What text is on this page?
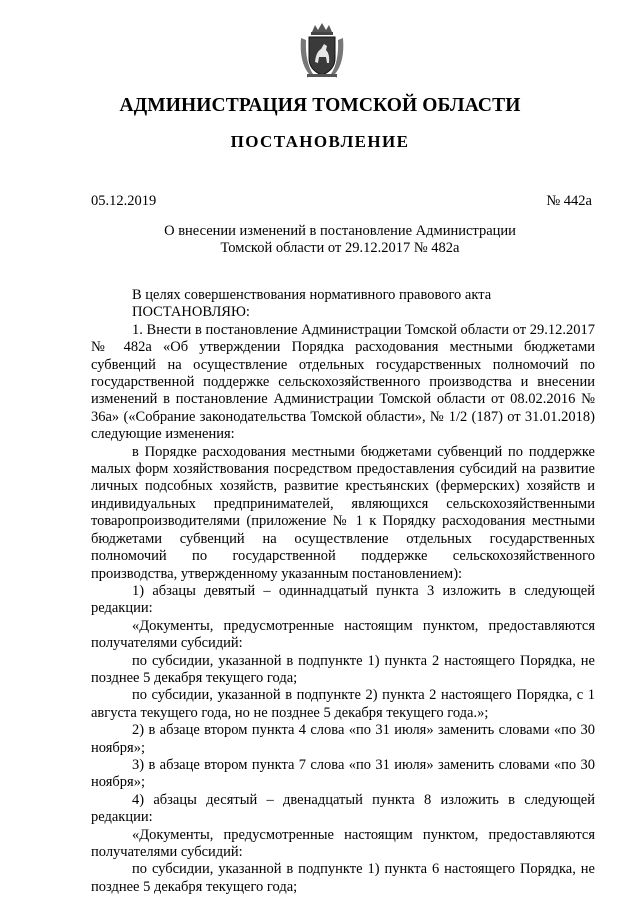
АДМИНИСТРАЦИЯ ТОМСКОЙ ОБЛАСТИ
ПОСТАНОВЛЕНИЕ
05.12.2019	№ 442а
О внесении изменений в постановление Администрации
Томской области от 29.12.2017 № 482а

В целях совершенствования нормативного правового акта

ПОСТАНОВЛЯЮ:

1. Внести в постановление Администрации Томской области от 29.12.2017 № 482а «Об утверждении Порядка расходования местными бюджетами субвенций на осуществление отдельных государственных полномочий по государственной поддержке сельскохозяйственного производства и внесении изменений в постановление Администрации Томской области от 08.02.2016 № 36а» («Собрание законодательства Томской области», № 1/2 (187) от 31.01.2018) следующие изменения:

в Порядке расходования местными бюджетами субвенций по поддержке малых форм хозяйствования посредством предоставления субсидий на развитие личных подсобных хозяйств, развитие крестьянских (фермерских) хозяйств и индивидуальных предпринимателей, являющихся сельскохозяйственными товаропроизводителями (приложение № 1 к Порядку расходования местными бюджетами субвенций на осуществление отдельных государственных полномочий по государственной поддержке сельскохозяйственного производства, утвержденному указанным постановлением):

1) абзацы девятый – одиннадцатый пункта 3 изложить в следующей редакции:

«Документы, предусмотренные настоящим пунктом, предоставляются получателями субсидий:

по субсидии, указанной в подпункте 1) пункта 2 настоящего Порядка, не позднее 5 декабря текущего года;

по субсидии, указанной в подпункте 2) пункта 2 настоящего Порядка, с 1 августа текущего года, но не позднее 5 декабря текущего года.»;

2) в абзаце втором пункта 4 слова «по 31 июля» заменить словами «по 30 ноября»;

3) в абзаце втором пункта 7 слова «по 31 июля» заменить словами «по 30 ноября»;

4) абзацы десятый – двенадцатый пункта 8 изложить в следующей редакции:

«Документы, предусмотренные настоящим пунктом, предоставляются получателями субсидий:

по субсидии, указанной в подпункте 1) пункта 6 настоящего Порядка, не позднее 5 декабря текущего года;
